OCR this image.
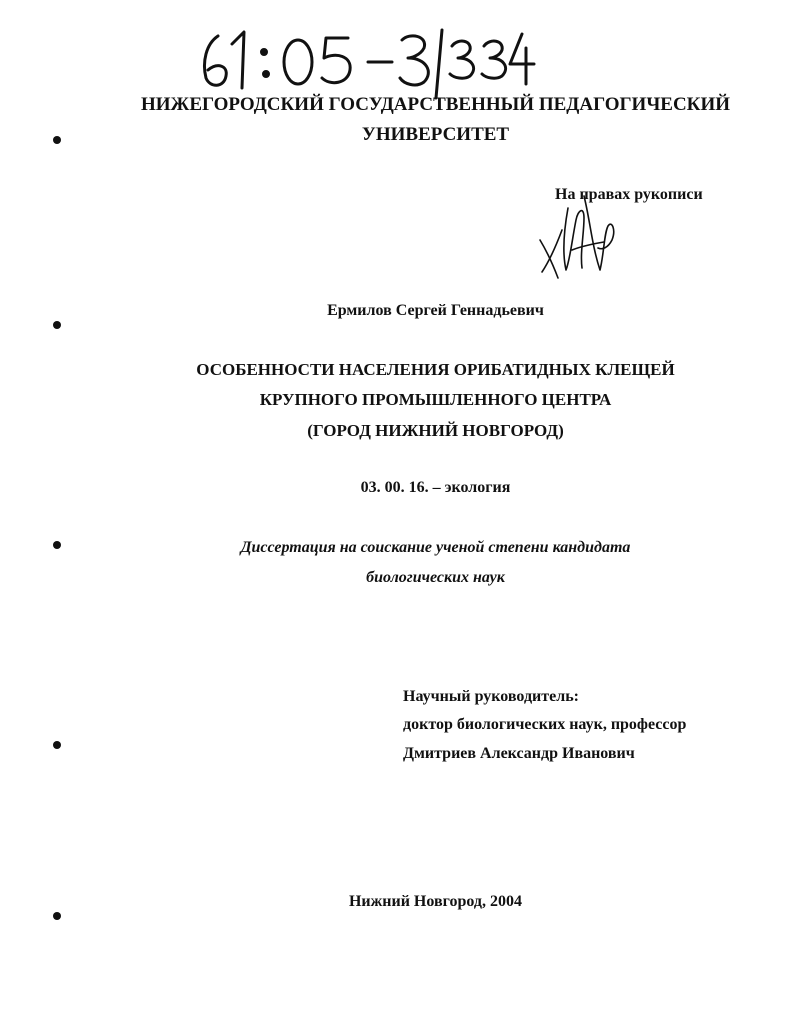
НИЖЕГОРОДСКИЙ ГОСУДАРСТВЕННЫЙ ПЕДАГОГИЧЕСКИЙ
УНИВЕРСИТЕТ
На правах рукописи
Ермилов Сергей Геннадьевич
ОСОБЕННОСТИ НАСЕЛЕНИЯ ОРИБАТИДНЫХ КЛЕЩЕЙ
КРУПНОГО ПРОМЫШЛЕННОГО ЦЕНТРА
(ГОРОД НИЖНИЙ НОВГОРОД)
03. 00. 16. – экология
Диссертация на соискание ученой степени кандидата
биологических наук
Научный руководитель:
доктор биологических наук, профессор
Дмитриев Александр Иванович
Нижний Новгород, 2004
